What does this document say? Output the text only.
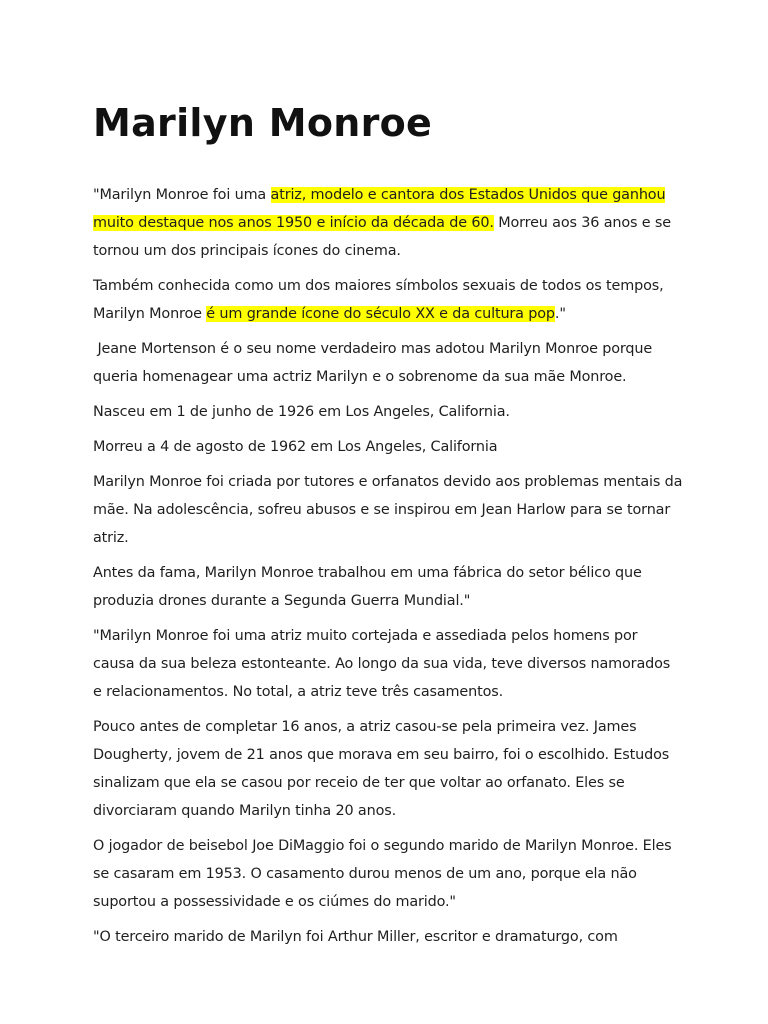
Marilyn Monroe

"Marilyn Monroe foi uma atriz, modelo e cantora dos Estados Unidos que ganhou muito destaque nos anos 1950 e início da década de 60. Morreu aos 36 anos e se tornou um dos principais ícones do cinema.

Também conhecida como um dos maiores símbolos sexuais de todos os tempos, Marilyn Monroe é um grande ícone do século XX e da cultura pop."

Jeane Mortenson é o seu nome verdadeiro mas adotou Marilyn Monroe porque queria homenagear uma actriz Marilyn e o sobrenome da sua mãe Monroe.

Nasceu em 1 de junho de 1926 em Los Angeles, California.

Morreu a 4 de agosto de 1962 em Los Angeles, California

Marilyn Monroe foi criada por tutores e orfanatos devido aos problemas mentais da mãe. Na adolescência, sofreu abusos e se inspirou em Jean Harlow para se tornar atriz.

Antes da fama, Marilyn Monroe trabalhou em uma fábrica do setor bélico que produzia drones durante a Segunda Guerra Mundial."

"Marilyn Monroe foi uma atriz muito cortejada e assediada pelos homens por causa da sua beleza estonteante. Ao longo da sua vida, teve diversos namorados e relacionamentos. No total, a atriz teve três casamentos.

Pouco antes de completar 16 anos, a atriz casou-se pela primeira vez. James Dougherty, jovem de 21 anos que morava em seu bairro, foi o escolhido. Estudos sinalizam que ela se casou por receio de ter que voltar ao orfanato. Eles se divorciaram quando Marilyn tinha 20 anos.

O jogador de beisebol Joe DiMaggio foi o segundo marido de Marilyn Monroe. Eles se casaram em 1953. O casamento durou menos de um ano, porque ela não suportou a possessividade e os ciúmes do marido."

"O terceiro marido de Marilyn foi Arthur Miller, escritor e dramaturgo, com
